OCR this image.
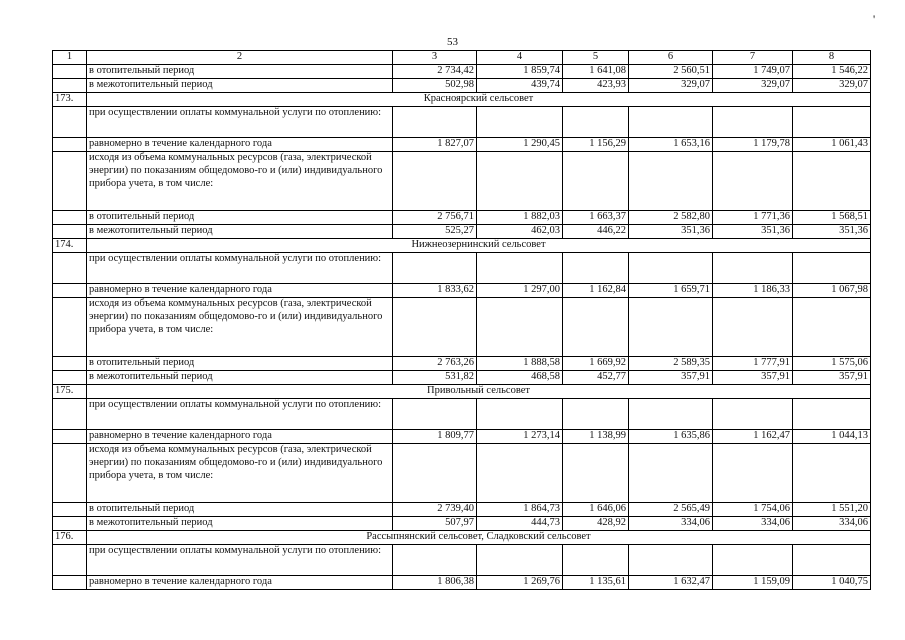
53
'
1	2	3	4	5	6	7	8
	в отопительный период	2 734,42	1 859,74	1 641,08	2 560,51	1 749,07	1 546,22
	в межотопительный период	502,98	439,74	423,93	329,07	329,07	329,07
173.	Красноярский сельсовет						
	при осуществлении оплаты коммунальной услуги по отоплению:						
	равномерно в течение календарного года	1 827,07	1 290,45	1 156,29	1 653,16	1 179,78	1 061,43
	исходя из объема коммунальных ресурсов (газа, электрической энергии) по показаниям общедомово-го и (или) индивидуального прибора учета, в том числе:						
	в отопительный период	2 756,71	1 882,03	1 663,37	2 582,80	1 771,36	1 568,51
	в межотопительный период	525,27	462,03	446,22	351,36	351,36	351,36
174.	Нижнеозернинский сельсовет						
	при осуществлении оплаты коммунальной услуги по отоплению:						
	равномерно в течение календарного года	1 833,62	1 297,00	1 162,84	1 659,71	1 186,33	1 067,98
	исходя из объема коммунальных ресурсов (газа, электрической энергии) по показаниям общедомово-го и (или) индивидуального прибора учета, в том числе:						
	в отопительный период	2 763,26	1 888,58	1 669,92	2 589,35	1 777,91	1 575,06
	в межотопительный период	531,82	468,58	452,77	357,91	357,91	357,91
175.	Привольный сельсовет						
	при осуществлении оплаты коммунальной услуги по отоплению:						
	равномерно в течение календарного года	1 809,77	1 273,14	1 138,99	1 635,86	1 162,47	1 044,13
	исходя из объема коммунальных ресурсов (газа, электрической энергии) по показаниям общедомово-го и (или) индивидуального прибора учета, в том числе:						
	в отопительный период	2 739,40	1 864,73	1 646,06	2 565,49	1 754,06	1 551,20
	в межотопительный период	507,97	444,73	428,92	334,06	334,06	334,06
176.	Рассыпнянский сельсовет, Сладковский сельсовет						
	при осуществлении оплаты коммунальной услуги по отоплению:						
	равномерно в течение календарного года	1 806,38	1 269,76	1 135,61	1 632,47	1 159,09	1 040,75
